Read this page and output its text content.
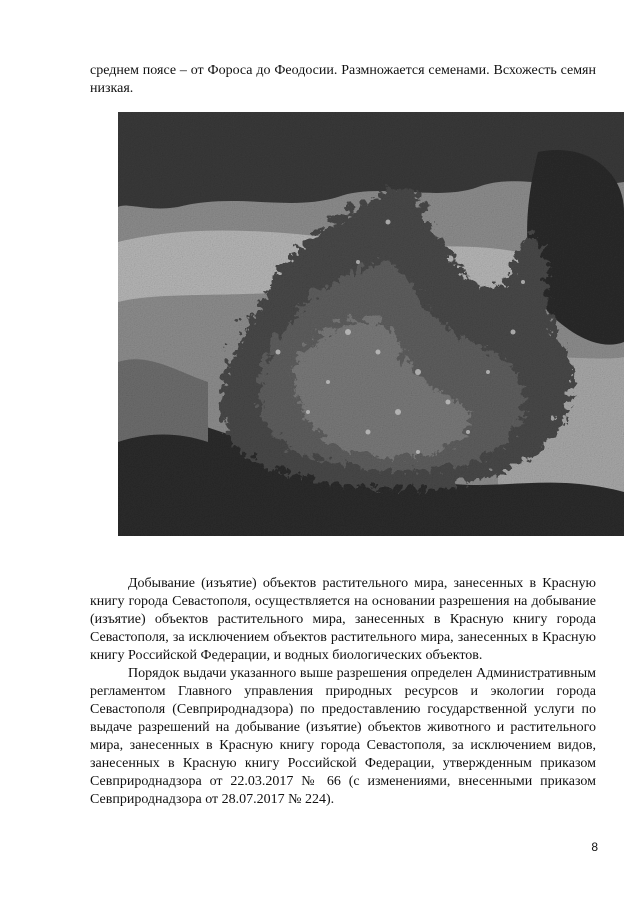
среднем поясе – от Фороса до Феодосии. Размножается семенами. Всхожесть семян низкая.

Добывание (изъятие) объектов растительного мира, занесенных в Красную книгу города Севастополя, осуществляется на основании разрешения на добывание (изъятие) объектов растительного мира, занесенных в Красную книгу города Севастополя, за исключением объектов растительного мира, занесенных в Красную книгу Российской Федерации, и водных биологических объектов.

Порядок выдачи указанного выше разрешения определен Административным регламентом Главного управления природных ресурсов и экологии города Севастополя (Севприроднадзора) по предоставлению государственной услуги по выдаче разрешений на добывание (изъятие) объектов животного и растительного мира, занесенных в Красную книгу города Севастополя, за исключением видов, занесенных в Красную книгу Российской Федерации, утвержденным приказом Севприроднадзора от 22.03.2017 № 66 (с изменениями, внесенными приказом Севприроднадзора от 28.07.2017 № 224).

8
